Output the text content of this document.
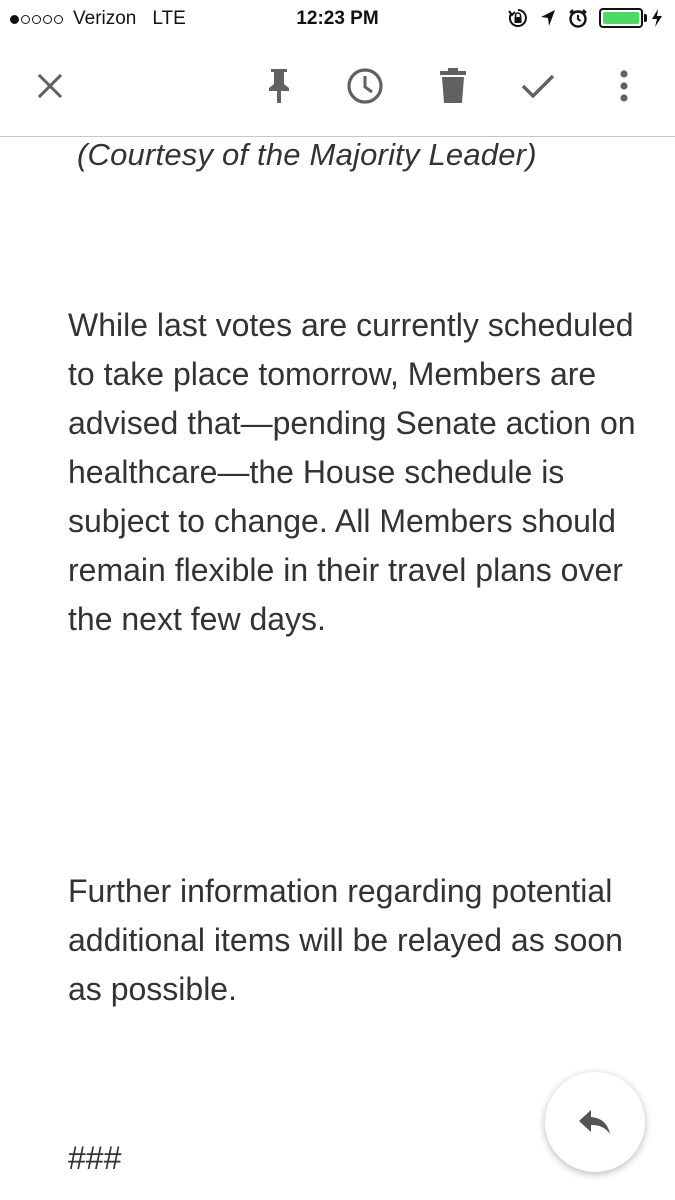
Verizon LTE	12:23 PM
(Courtesy of the Majority Leader)

While last votes are currently scheduled to take place tomorrow, Members are advised that—pending Senate action on healthcare—the House schedule is subject to change. All Members should remain flexible in their travel plans over the next few days.

Further information regarding potential additional items will be relayed as soon as possible.

###
